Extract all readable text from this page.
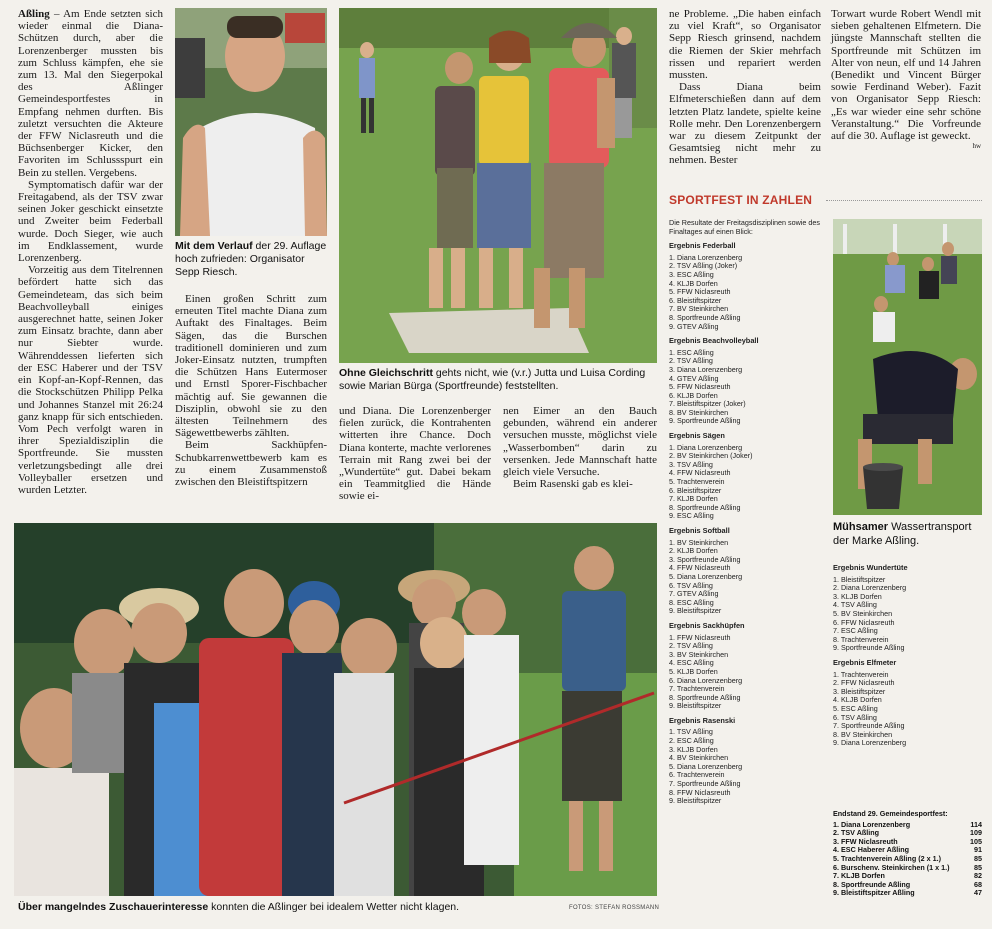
Aßling – Am Ende setzten sich wieder einmal die Diana-Schützen durch, aber die Lorenzenberger mussten bis zum Schluss kämpfen, ehe sie zum 13. Mal den Siegerpokal des Aßlinger Gemeindesportfestes in Empfang nehmen durften. Bis zuletzt versuchten die Akteure der FFW Niclasreuth und die Büchsenberger Kicker, den Favoriten im Schlussspurt ein Bein zu stellen. Vergebens.

Symptomatisch dafür war der Freitagabend, als der TSV zwar seinen Joker geschickt einsetzte und Zweiter beim Federball wurde. Doch Sieger, wie auch im Endklassement, wurde Lorenzenberg.

Vorzeitig aus dem Titelrennen befördert hatte sich das Gemeindeteam, das sich beim Beachvolleyball einiges ausgerechnet hatte, seinen Joker zum Einsatz brachte, dann aber nur Siebter wurde. Währenddessen lieferten sich der ESC Haberer und der TSV ein Kopf-an-Kopf-Rennen, das die Stockschützen Philipp Pelka und Johannes Stanzel mit 26:24 ganz knapp für sich entschieden. Vom Pech verfolgt waren in ihrer Spezialdisziplin die Sportfreunde. Sie mussten verletzungsbedingt alle drei Volleyballer ersetzen und wurden Letzter.

Mit dem Verlauf der 29. Auflage hoch zufrieden: Organisator Sepp Riesch.

Einen großen Schritt zum erneuten Titel machte Diana zum Auftakt des Finaltages. Beim Sägen, das die Burschen traditionell dominieren und zum Joker-Einsatz nutzten, trumpften die Schützen Hans Eutermoser und Ernstl Sporer-Fischbacher mächtig auf. Sie gewannen die Disziplin, obwohl sie zu den ältesten Teilnehmern des Sägewettbewerbs zählten.

Beim Sackhüpfen-Schubkarrenwettbewerb kam es zu einem Zusammenstoß zwischen den Bleistiftspitzern

Ohne Gleichschritt gehts nicht, wie (v.r.) Jutta und Luisa Cording sowie Marian Bürga (Sportfreunde) feststellten.

und Diana. Die Lorenzenberger fielen zurück, die Kontrahenten witterten ihre Chance. Doch Diana konterte, machte verlorenes Terrain mit Rang zwei bei der „Wundertüte“ gut. Dabei bekam ein Teammitglied die Hände sowie ei-

nen Eimer an den Bauch gebunden, während ein anderer versuchen musste, möglichst viele „Wasserbomben“ darin zu versenken. Jede Mannschaft hatte gleich viele Versuche.

Beim Rasenski gab es klei-

ne Probleme. „Die haben einfach zu viel Kraft“, so Organisator Sepp Riesch grinsend, nachdem die Riemen der Skier mehrfach rissen und repariert werden mussten.

Dass Diana beim Elfmeterschießen dann auf dem letzten Platz landete, spielte keine Rolle mehr. Den Lorenzenbergern war zu diesem Zeitpunkt der Gesamtsieg nicht mehr zu nehmen. Bester

Torwart wurde Robert Wendl mit sieben gehaltenen Elfmetern. Die jüngste Mannschaft stellten die Sportfreunde mit Schützen im Alter von neun, elf und 14 Jahren (Benedikt und Vincent Bürger sowie Ferdinand Weber). Fazit von Organisator Sepp Riesch: „Es war wieder eine sehr schöne Veranstaltung.“ Die Vorfreunde auf die 30. Auflage ist geweckt.

hw
SPORTFEST IN ZAHLEN
Die Resultate der Freitagsdisziplinen sowie des Finaltages auf einen Blick:
Ergebnis Federball
1. Diana Lorenzenberg
2. TSV Aßling (Joker)
3. ESC Aßling
4. KLJB Dorfen
5. FFW Niclasreuth
6. Bleistiftspitzer
7. BV Steinkirchen
8. Sportfreunde Aßling
9. GTEV Aßling
Ergebnis Beachvolleyball
1. ESC Aßling
2. TSV Aßling
3. Diana Lorenzenberg
4. GTEV Aßling
5. FFW Niclasreuth
6. KLJB Dorfen
7. Bleistiftspitzer (Joker)
8. BV Steinkirchen
9. Sportfreunde Aßling
Ergebnis Sägen
1. Diana Lorenzenberg
2. BV Steinkirchen (Joker)
3. TSV Aßling
4. FFW Niclasreuth
5. Trachtenverein
6. Bleistiftspitzer
7. KLJB Dorfen
8. Sportfreunde Aßling
9. ESC Aßling
Ergebnis Softball
1. BV Steinkirchen
2. KLJB Dorfen
3. Sportfreunde Aßling
4. FFW Niclasreuth
5. Diana Lorenzenberg
6. TSV Aßling
7. GTEV Aßling
8. ESC Aßling
9. Bleistiftspitzer
Ergebnis Sackhüpfen
1. FFW Niclasreuth
2. TSV Aßling
3. BV Steinkirchen
4. ESC Aßling
5. KLJB Dorfen
6. Diana Lorenzenberg
7. Trachtenverein
8. Sportfreunde Aßling
9. Bleistiftspitzer
Ergebnis Rasenski
1. TSV Aßling
2. ESC Aßling
3. KLJB Dorfen
4. BV Steinkirchen
5. Diana Lorenzenberg
6. Trachtenverein
7. Sportfreunde Aßling
8. FFW Niclasreuth
9. Bleistiftspitzer
Mühsamer Wassertransport der Marke Aßling.
Ergebnis Wundertüte
1. Bleistiftspitzer
2. Diana Lorenzenberg
3. KLJB Dorfen
4. TSV Aßling
5. BV Steinkirchen
6. FFW Niclasreuth
7. ESC Aßling
8. Trachtenverein
9. Sportfreunde Aßling
Ergebnis Elfmeter
1. Trachtenverein
2. FFW Niclasreuth
3. Bleistiftspitzer
4. KLJB Dorfen
5. ESC Aßling
6. TSV Aßling
7. Sportfreunde Aßling
8. BV Steinkirchen
9. Diana Lorenzenberg
Endstand 29. Gemeindesportfest:
1. Diana Lorenzenberg	114
2. TSV Aßling	109
3. FFW Niclasreuth	105
4. ESC Haberer Aßling	91
5. Trachtenverein Aßling (2 x 1.)	85
6. Burschenv. Steinkirchen (1 x 1.)	85
7. KLJB Dorfen	82
8. Sportfreunde Aßling	68
9. Bleistiftspitzer Aßling	47
Über mangelndes Zuschauerinteresse konnten die Aßlinger bei idealem Wetter nicht klagen.	FOTOS: STEFAN ROSSMANN
